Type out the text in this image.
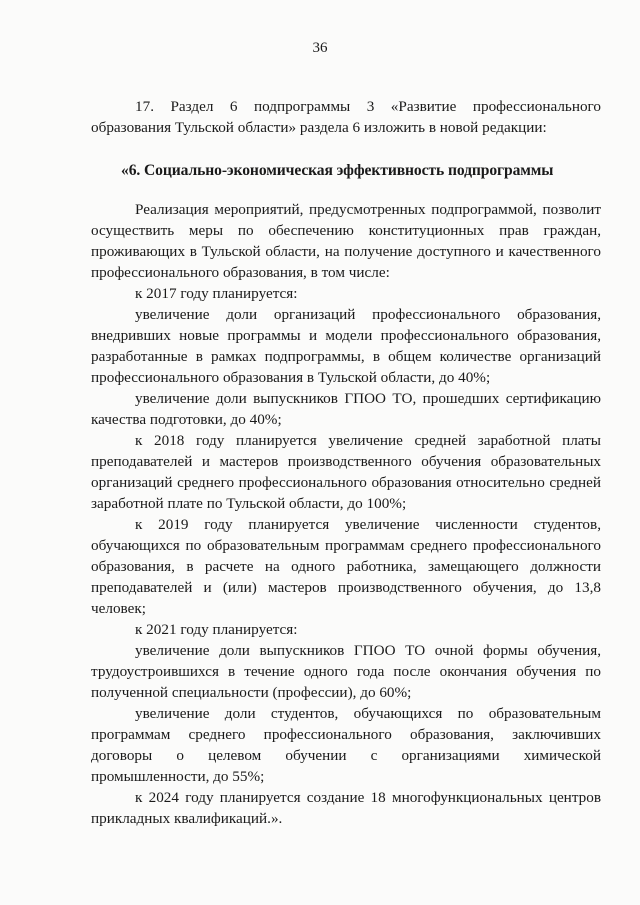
36

17. Раздел 6 подпрограммы 3 «Развитие профессионального образования Тульской области» раздела 6 изложить в новой редакции:

«6. Социально-экономическая эффективность подпрограммы

Реализация мероприятий, предусмотренных подпрограммой, позволит осуществить меры по обеспечению конституционных прав граждан, проживающих в Тульской области, на получение доступного и качественного профессионального образования, в том числе:

к 2017 году планируется:

увеличение доли организаций профессионального образования, внедривших новые программы и модели профессионального образования, разработанные в рамках подпрограммы, в общем количестве организаций профессионального образования в Тульской области, до 40%;

увеличение доли выпускников ГПОО ТО, прошедших сертификацию качества подготовки, до 40%;

к 2018 году планируется увеличение средней заработной платы преподавателей и мастеров производственного обучения образовательных организаций среднего профессионального образования относительно средней заработной плате по Тульской области, до 100%;

к 2019 году планируется увеличение численности студентов, обучающихся по образовательным программам среднего профессионального образования, в расчете на одного работника, замещающего должности преподавателей и (или) мастеров производственного обучения, до 13,8 человек;

к 2021 году планируется:

увеличение доли выпускников ГПОО ТО очной формы обучения, трудоустроившихся в течение одного года после окончания обучения по полученной специальности (профессии), до 60%;

увеличение доли студентов, обучающихся по образовательным программам среднего профессионального образования, заключивших договоры о целевом обучении с организациями химической промышленности, до 55%;

к 2024 году планируется создание 18 многофункциональных центров прикладных квалификаций.».
